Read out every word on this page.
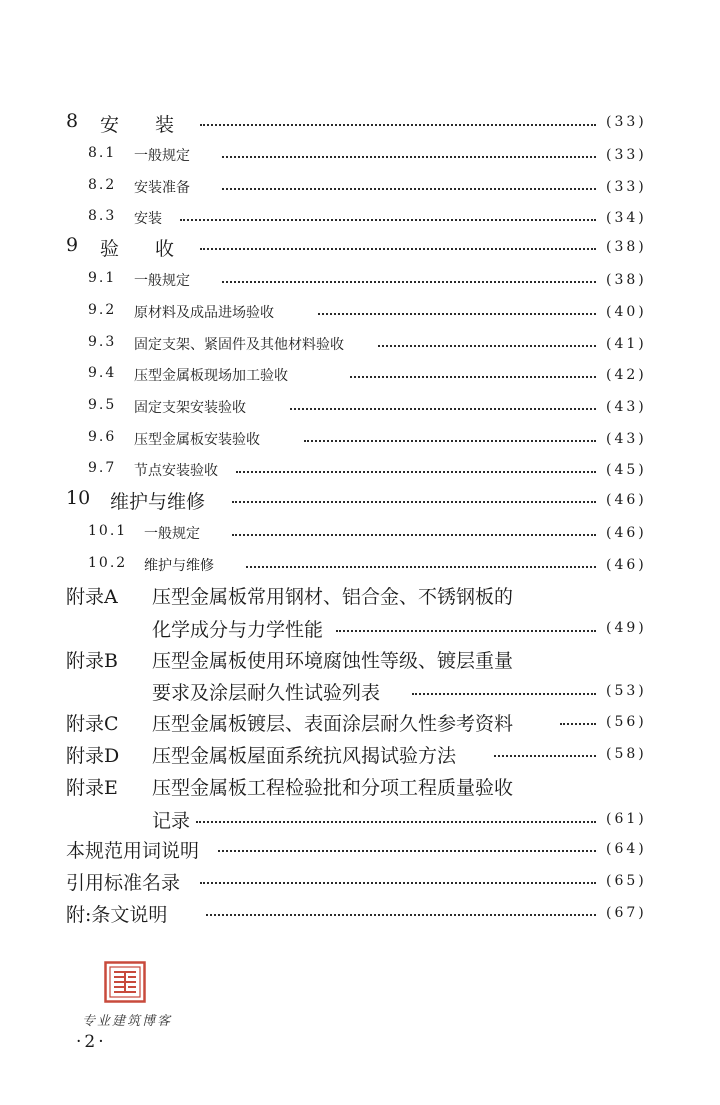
8 安装	(33)
8.1 一般规定	(33)
8.2 安装准备	(33)
8.3 安装	(34)
9 验收	(38)
9.1 一般规定	(38)
9.2 原材料及成品进场验收	(40)
9.3 固定支架、紧固件及其他材料验收	(41)
9.4 压型金属板现场加工验收	(42)
9.5 固定支架安装验收	(43)
9.6 压型金属板安装验收	(43)
9.7 节点安装验收	(45)
10 维护与维修	(46)
10.1 一般规定	(46)
10.2 维护与维修	(46)
附录A 压型金属板常用钢材、铝合金、不锈钢板的
化学成分与力学性能	(49)
附录B 压型金属板使用环境腐蚀性等级、镀层重量
要求及涂层耐久性试验列表	(53)
附录C 压型金属板镀层、表面涂层耐久性参考资料	(56)
附录D 压型金属板屋面系统抗风揭试验方法	(58)
附录E 压型金属板工程检验批和分项工程质量验收
记录	(61)
本规范用词说明	(64)
引用标准名录	(65)
附:条文说明	(67)
专业建筑博客
·2·
